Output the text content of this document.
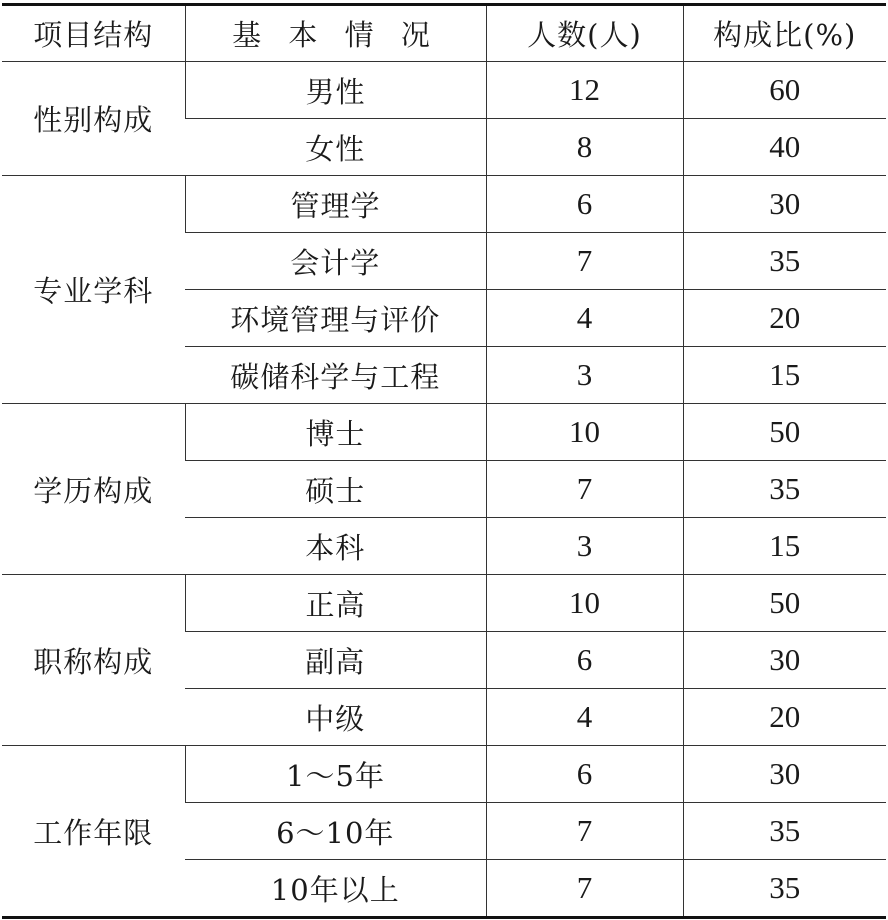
项目结构	基 本 情 况	人数(人)	构成比(%)
性别构成	男性	12	60
	女性	8	40
专业学科	管理学	6	30
	会计学	7	35
	环境管理与评价	4	20
	碳储科学与工程	3	15
学历构成	博士	10	50
	硕士	7	35
	本科	3	15
职称构成	正高	10	50
	副高	6	30
	中级	4	20
工作年限	1～5年	6	30
	6～10年	7	35
	10年以上	7	35
